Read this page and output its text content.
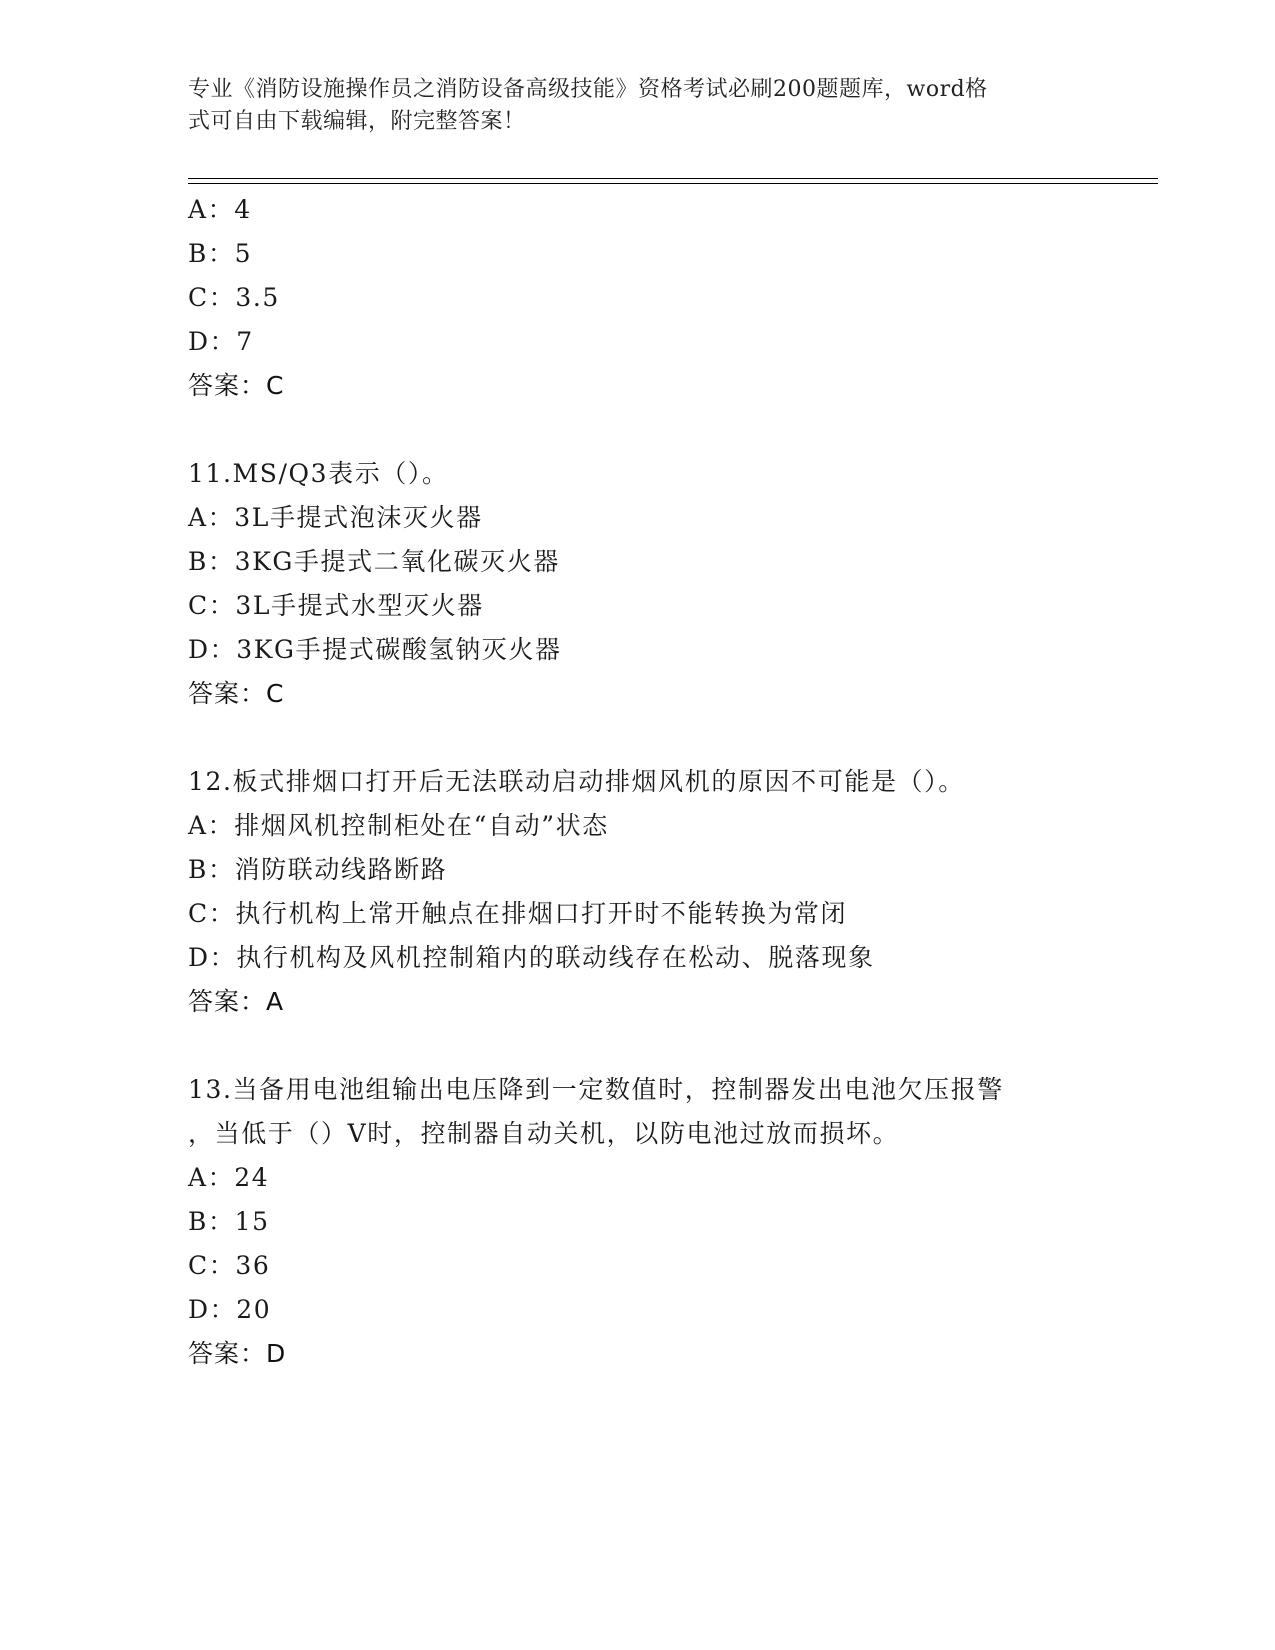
专业《消防设施操作员之消防设备高级技能》资格考试必刷200题题库，word格
式可自由下载编辑，附完整答案！
A：4
B：5
C：3.5
D：7
答案：C
11.MS/Q3表示（）。
A：3L手提式泡沫灭火器
B：3KG手提式二氧化碳灭火器
C：3L手提式水型灭火器
D：3KG手提式碳酸氢钠灭火器
答案：C
12.板式排烟口打开后无法联动启动排烟风机的原因不可能是（）。
A：排烟风机控制柜处在“自动”状态
B：消防联动线路断路
C：执行机构上常开触点在排烟口打开时不能转换为常闭
D：执行机构及风机控制箱内的联动线存在松动、脱落现象
答案：A
13.当备用电池组输出电压降到一定数值时，控制器发出电池欠压报警
，当低于（）V时，控制器自动关机，以防电池过放而损坏。
A：24
B：15
C：36
D：20
答案：D
